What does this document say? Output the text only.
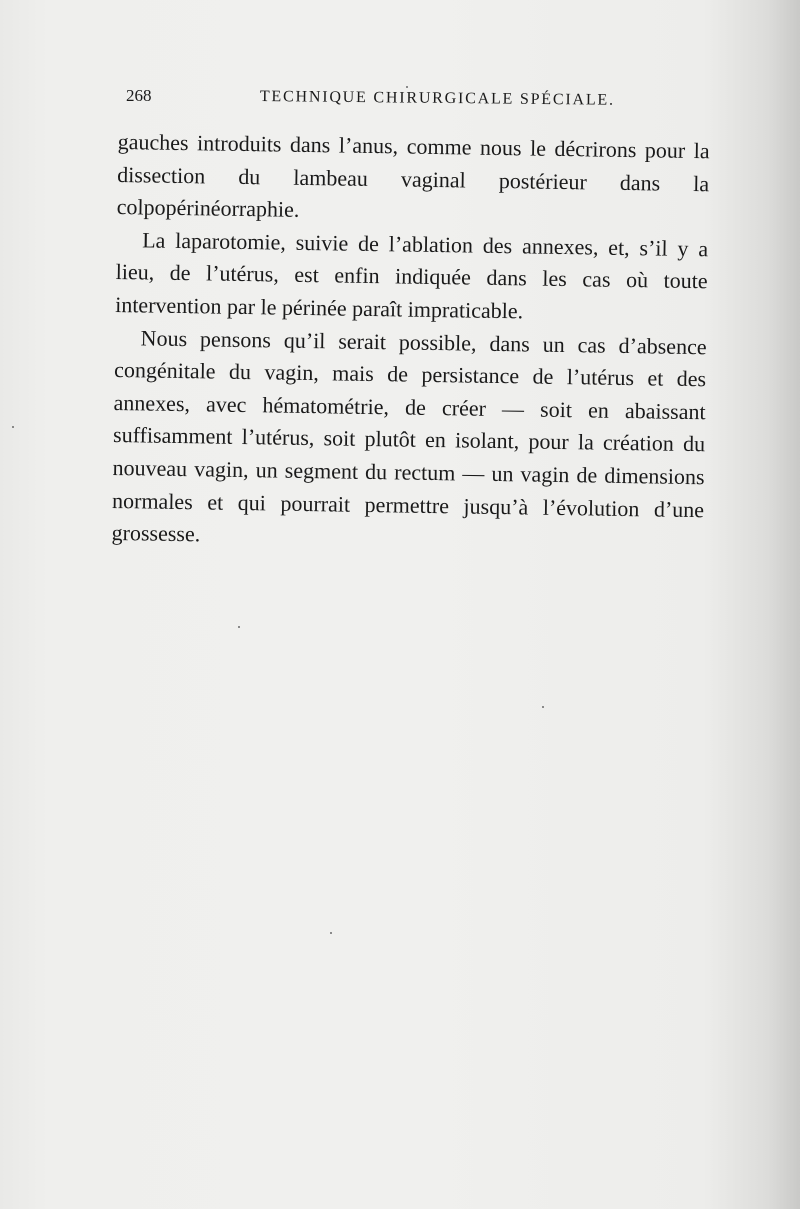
268	TECHNIQUE CHIRURGICALE SPÉCIALE.

gauches introduits dans l’anus, comme nous le décrirons pour la dissection du lambeau vaginal postérieur dans la colpopérinéorraphie.

La laparotomie, suivie de l’ablation des annexes, et, s’il y a lieu, de l’utérus, est enfin indiquée dans les cas où toute intervention par le périnée paraît impraticable.

Nous pensons qu’il serait possible, dans un cas d’absence congénitale du vagin, mais de persistance de l’utérus et des annexes, avec hématométrie, de créer — soit en abaissant suffisamment l’utérus, soit plutôt en isolant, pour la création du nouveau vagin, un segment du rectum — un vagin de dimensions normales et qui pourrait permettre jusqu’à l’évolution d’une grossesse.
